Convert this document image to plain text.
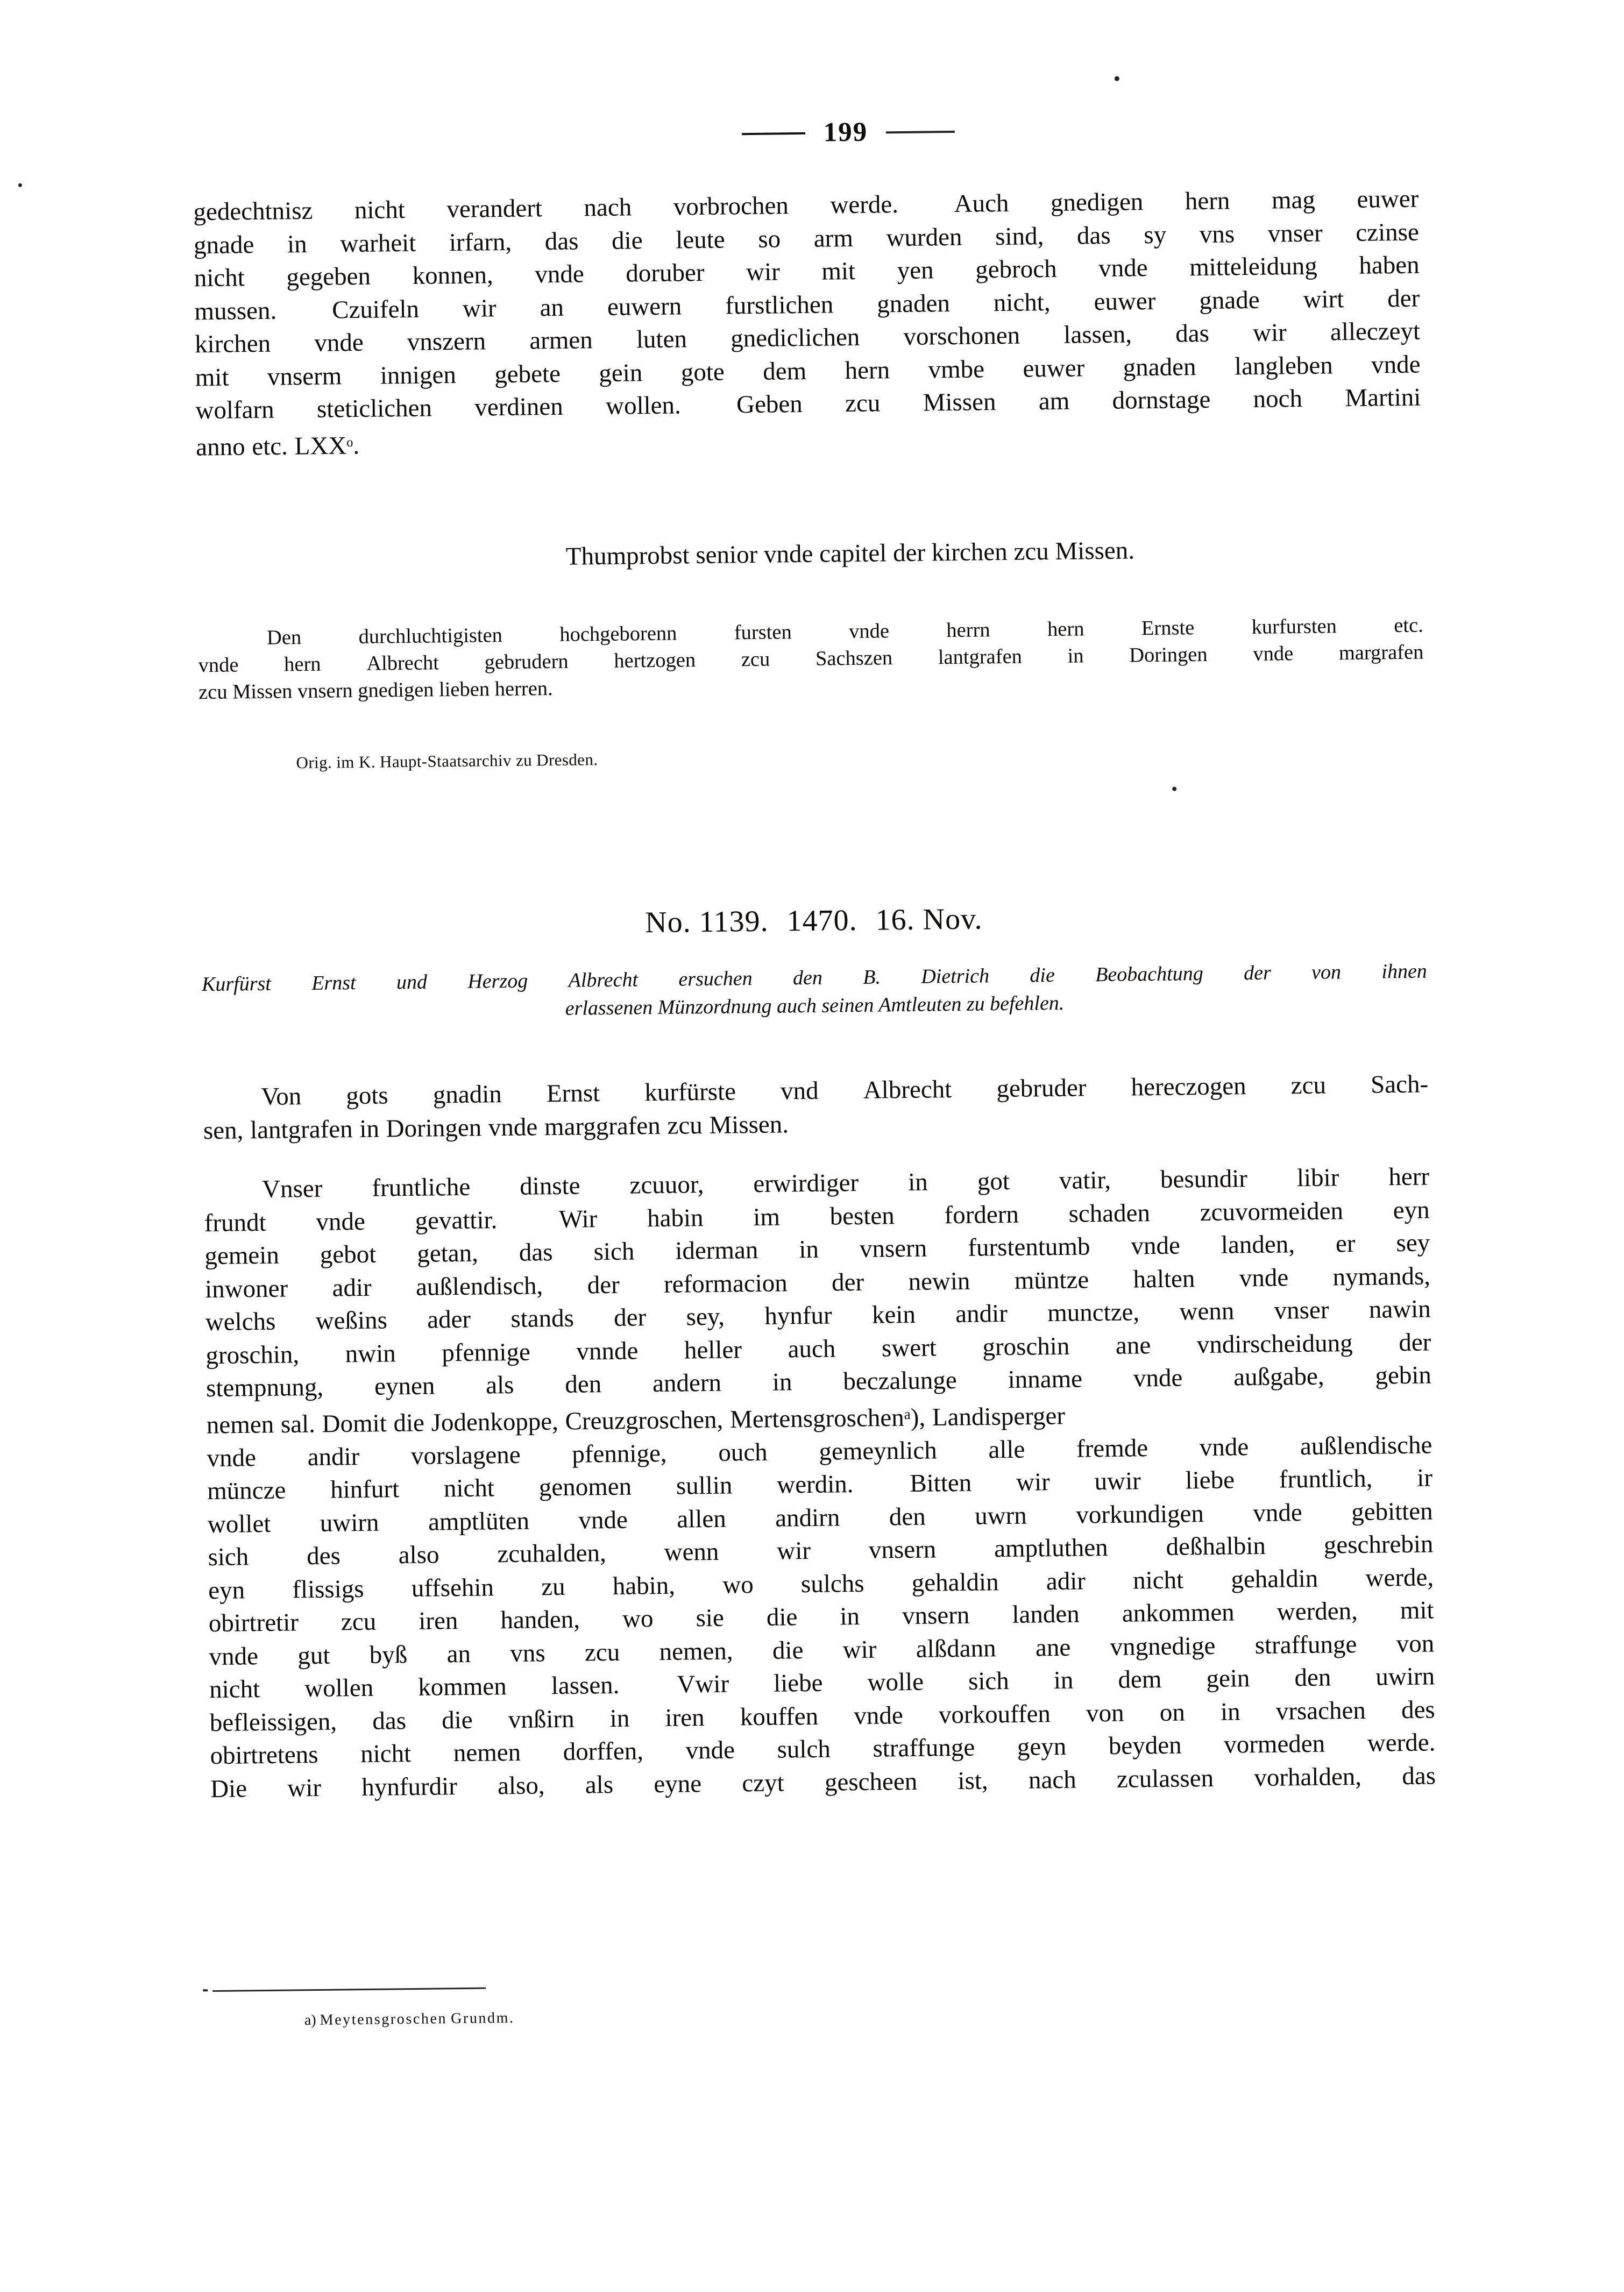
199
gedechtnisz nicht verandert nach vorbrochen werde.	Auch gnedigen hern mag euwer
gnade in warheit irfarn, das die leute so arm wurden sind, das sy vns vnser czinse
nicht gegeben konnen, vnde doruber wir mit yen gebroch vnde mitteleidung haben
mussen.	Czuifeln wir an euwern furstlichen gnaden nicht, euwer gnade wirt der
kirchen vnde vnszern armen luten gnediclichen vorschonen lassen, das wir alleczeyt
mit vnserm innigen gebete gein gote dem hern vmbe euwer gnaden langleben vnde
wolfarn steticlichen verdinen wollen.	Geben zcu Missen am dornstage noch Martini
anno etc. LXX$^o$.
Thumprobst senior vnde capitel der kirchen zcu Missen.
Den	durchluchtigisten	hochgeborenn	fursten	vnde	herrn	hern	Ernste	kurfursten	etc.
vnde hern Albrecht gebrudern hertzogen zcu Sachszen lantgrafen in Doringen vnde margrafen
zcu Missen vnsern gnedigen lieben herren.
Orig. im K. Haupt-Staatsarchiv zu Dresden.
No. 1139. 1470. 16. Nov.
Kurfürst Ernst und Herzog Albrecht ersuchen den B. Dietrich die Beobachtung der von ihnen
erlassenen Münzordnung auch seinen Amtleuten zu befehlen.
Von gots gnadin Ernst kurfürste vnd Albrecht gebruder hereczogen zcu Sach-
sen, lantgrafen in Doringen vnde marggrafen zcu Missen.
Vnser fruntliche dinste zcuuor, erwirdiger in got vatir, besundir libir herr
frundt vnde gevattir.	Wir habin im besten fordern schaden zcuvormeiden eyn
gemein gebot getan, das sich iderman in vnsern furstentumb vnde landen, er sey
inwoner adir außlendisch, der reformacion der newin müntze halten vnde nymands,
welchs weßins ader stands der sey, hynfur kein andir munctze, wenn vnser nawin
groschin, nwin pfennige vnnde heller auch swert groschin ane vndirscheidung der
stempnung, eynen als den andern in beczalunge inname vnde außgabe, gebin
nemen sal. Domit die Jodenkoppe, Creuzgroschen, Mertensgroschen$^a$), Landisperger
vnde andir vorslagene pfennige, ouch gemeynlich alle fremde vnde außlendische
müncze hinfurt nicht genomen sullin werdin.	Bitten wir uwir liebe fruntlich, ir
wollet uwirn amptlüten vnde allen andirn den uwrn vorkundigen vnde gebitten
sich des also zcuhalden, wenn wir vnsern amptluthen deßhalbin geschrebin
eyn flissigs uffsehin zu habin, wo sulchs gehaldin adir nicht gehaldin werde,
obirtretir zcu iren handen, wo sie die in vnsern landen ankommen werden, mit
vnde gut byß an vns zcu nemen, die wir alßdann ane vngnedige straffunge von
nicht wollen kommen lassen.	Vwir liebe wolle sich in dem gein den uwirn
befleissigen, das die vnßirn in iren kouffen vnde vorkouffen von on in vrsachen des
obirtretens nicht nemen dorffen, vnde sulch straffunge geyn beyden vormeden werde.
Die wir hynfurdir also, als eyne czyt gescheen ist, nach zculassen vorhalden, das
a) Meytensgroschen Grundm.
